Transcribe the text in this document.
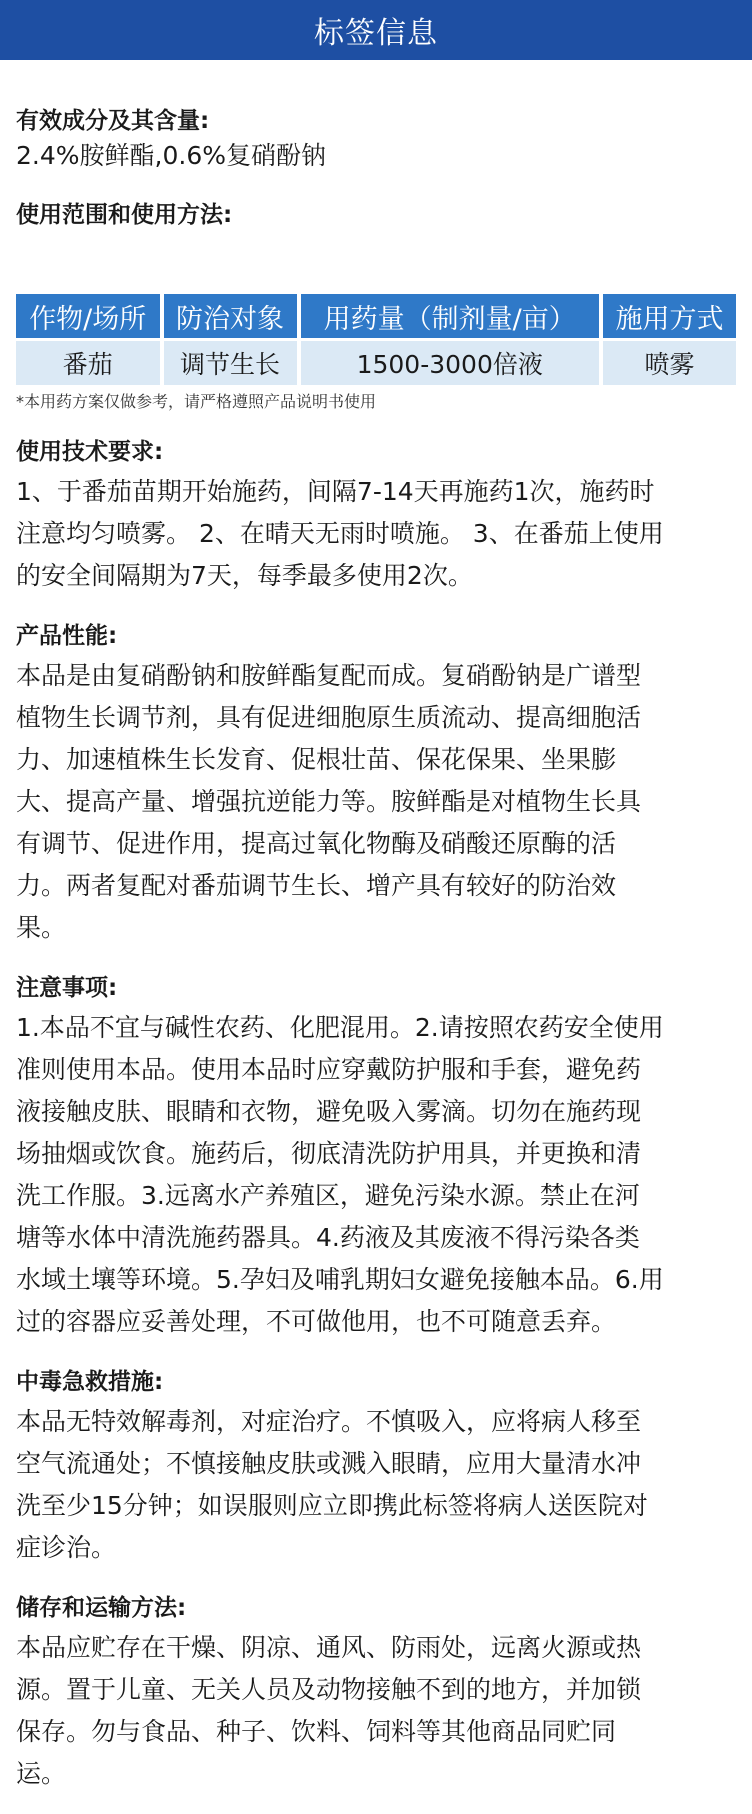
标签信息

有效成分及其含量:

2.4%胺鲜酯,0.6%复硝酚钠

使用范围和使用方法:

作物/场所	防治对象	用药量（制剂量/亩）	施用方式
番茄	调节生长	1500-3000倍液	喷雾

*本用药方案仅做参考，请严格遵照产品说明书使用

使用技术要求:

1、于番茄苗期开始施药，间隔7-14天再施药1次，施药时
注意均匀喷雾。 2、在晴天无雨时喷施。 3、在番茄上使用
的安全间隔期为7天，每季最多使用2次。

产品性能:

本品是由复硝酚钠和胺鲜酯复配而成。复硝酚钠是广谱型
植物生长调节剂，具有促进细胞原生质流动、提高细胞活
力、加速植株生长发育、促根壮苗、保花保果、坐果膨
大、提高产量、增强抗逆能力等。胺鲜酯是对植物生长具
有调节、促进作用，提高过氧化物酶及硝酸还原酶的活
力。两者复配对番茄调节生长、增产具有较好的防治效
果。

注意事项:

1.本品不宜与碱性农药、化肥混用。2.请按照农药安全使用
准则使用本品。使用本品时应穿戴防护服和手套，避免药
液接触皮肤、眼睛和衣物，避免吸入雾滴。切勿在施药现
场抽烟或饮食。施药后，彻底清洗防护用具，并更换和清
洗工作服。3.远离水产养殖区，避免污染水源。禁止在河
塘等水体中清洗施药器具。4.药液及其废液不得污染各类
水域土壤等环境。5.孕妇及哺乳期妇女避免接触本品。6.用
过的容器应妥善处理，不可做他用，也不可随意丢弃。

中毒急救措施:

本品无特效解毒剂，对症治疗。不慎吸入，应将病人移至
空气流通处；不慎接触皮肤或溅入眼睛，应用大量清水冲
洗至少15分钟；如误服则应立即携此标签将病人送医院对
症诊治。

储存和运输方法:

本品应贮存在干燥、阴凉、通风、防雨处，远离火源或热
源。置于儿童、无关人员及动物接触不到的地方，并加锁
保存。勿与食品、种子、饮料、饲料等其他商品同贮同
运。
